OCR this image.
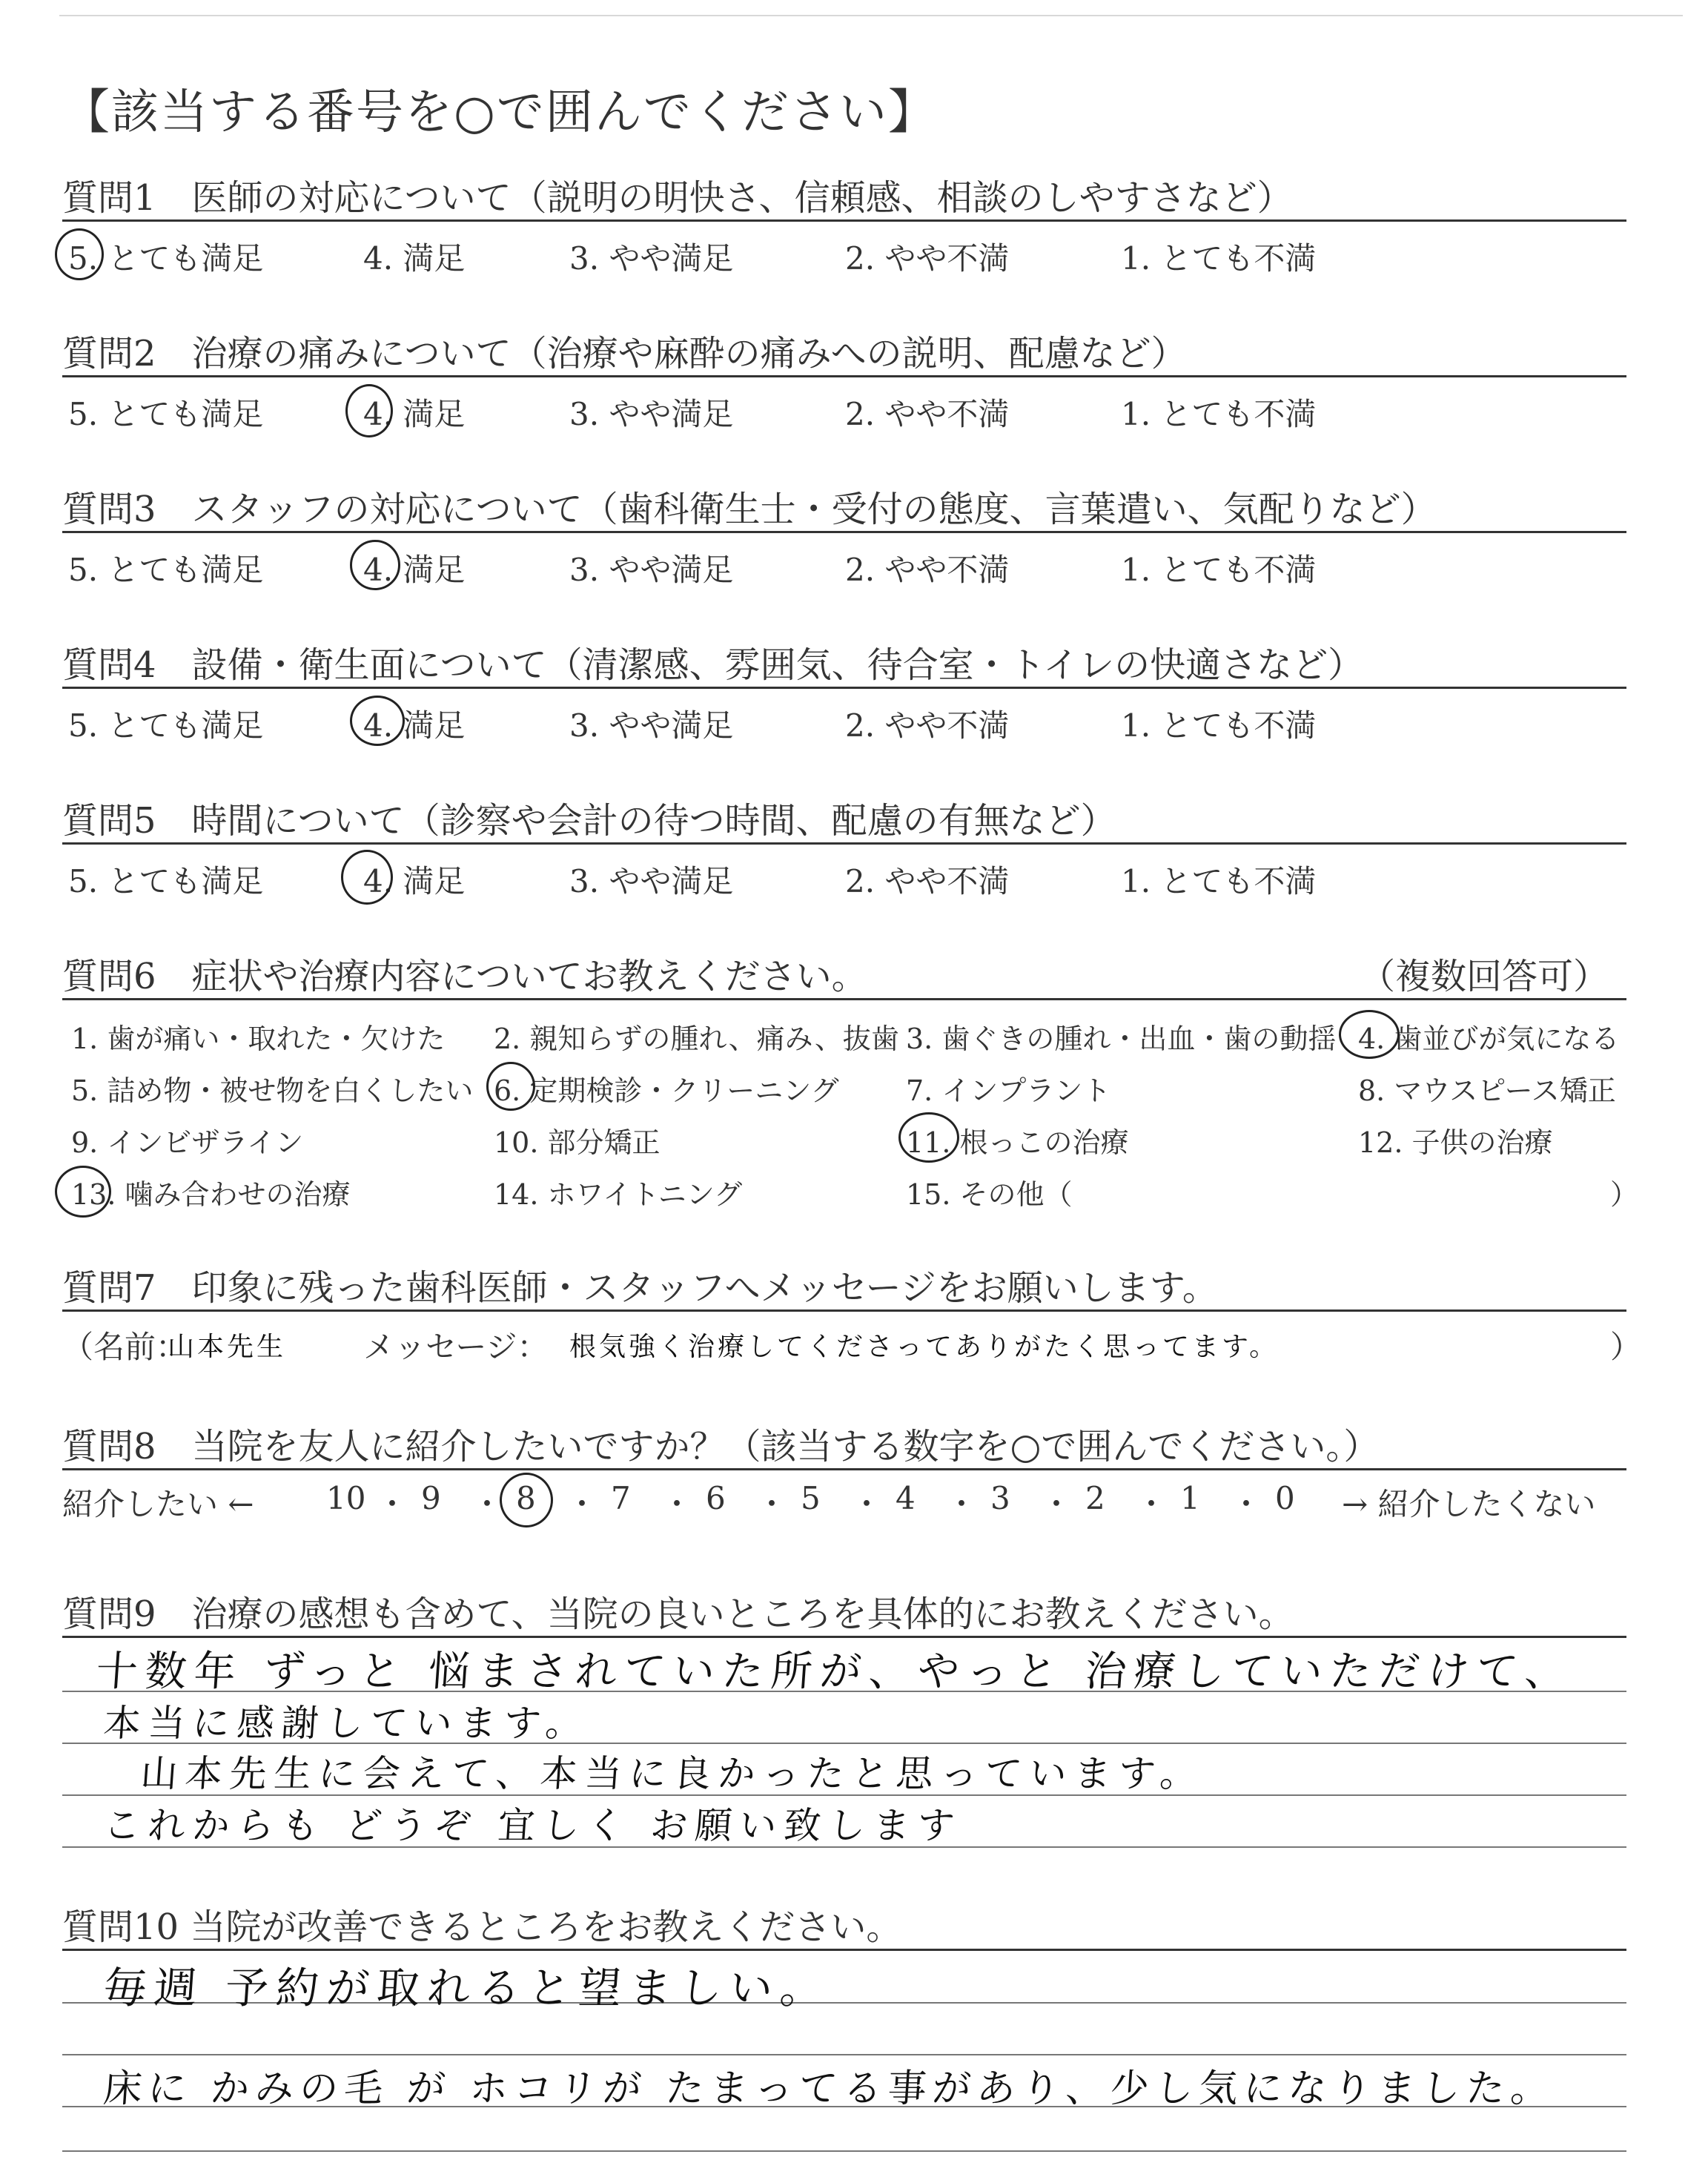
【該当する番号を○で囲んでください】
質問1　医師の対応について（説明の明快さ、信頼感、相談のしやすさなど）
5. とても満足	4. 満足	3. やや満足	2. やや不満	1. とても不満
質問2　治療の痛みについて（治療や麻酔の痛みへの説明、配慮など）
5. とても満足	4. 満足	3. やや満足	2. やや不満	1. とても不満
質問3　スタッフの対応について（歯科衛生士・受付の態度、言葉遣い、気配りなど）
5. とても満足	4. 満足	3. やや満足	2. やや不満	1. とても不満
質問4　設備・衛生面について（清潔感、雰囲気、待合室・トイレの快適さなど）
5. とても満足	4. 満足	3. やや満足	2. やや不満	1. とても不満
質問5　時間について（診察や会計の待つ時間、配慮の有無など）
5. とても満足	4. 満足	3. やや満足	2. やや不満	1. とても不満
質問6　症状や治療内容についてお教えください。	（複数回答可）
1. 歯が痛い・取れた・欠けた 2. 親知らずの腫れ、痛み、抜歯 3. 歯ぐきの腫れ・出血・歯の動揺 4. 歯並びが気になる
5. 詰め物・被せ物を白くしたい 6. 定期検診・クリーニング 7. インプラント	8. マウスピース矯正
9. インビザライン	10. 部分矯正	11. 根っこの治療	12. 子供の治療
13. 噛み合わせの治療	14. ホワイトニング	15. その他（	）
質問7　印象に残った歯科医師・スタッフへメッセージをお願いします。
（名前：
山本先生 メッセージ： 根気強く治療してくださってありがたく思ってます。	）
質問8　当院を友人に紹介したいですか？（該当する数字を○で囲んでください。）
紹介したい ←	→ 紹介したくない
10 ・ 9 ・ 8 ・ 7 ・ 6 ・ 5 ・ 4 ・ 3 ・ 2 ・ 1 ・ 0
質問9　治療の感想も含めて、当院の良いところを具体的にお教えください。
十数年 ずっと 悩まされていた所が、やっと 治療していただけて、
本当に感謝しています。
山本先生に会えて、本当に良かったと思っています。
これからも どうぞ 宜しく お願い致します
質問10 当院が改善できるところをお教えください。
毎週 予約が取れると望ましい。
床に かみの毛 が ホコリが たまってる事があり、少し気になりました。
